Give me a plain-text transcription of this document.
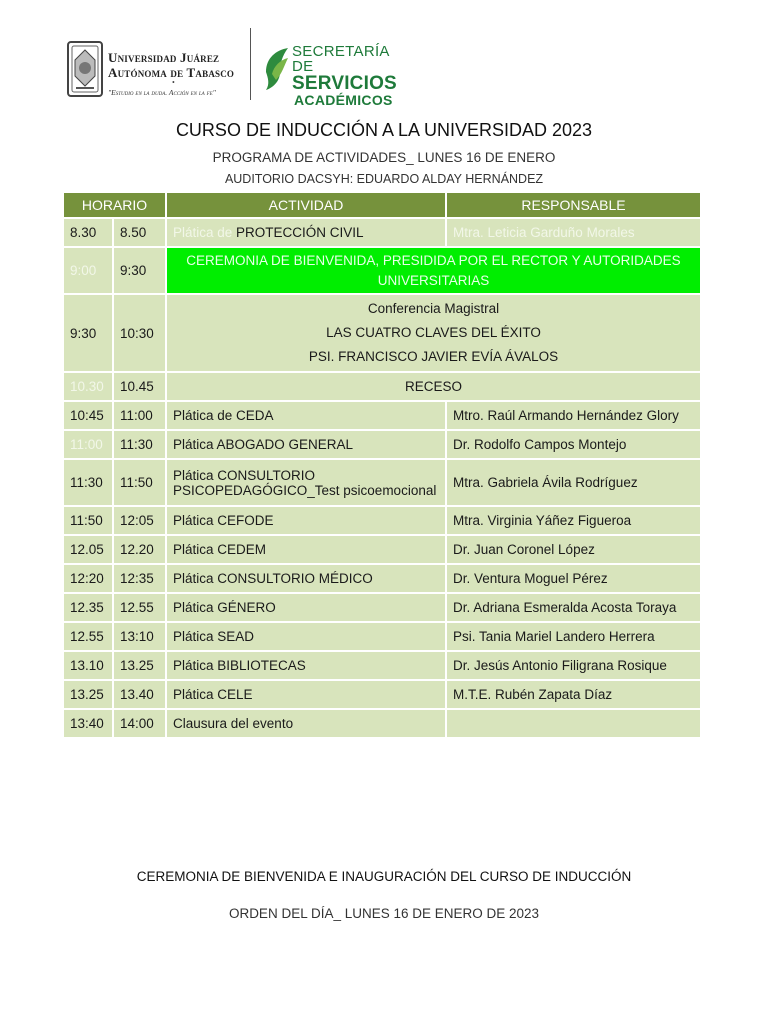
Universidad Juárez
Autónoma de Tabasco
•
"Estudio en la duda. Acción en la fe"
SECRETARÍA DE
SERVICIOS
ACADÉMICOS
CURSO DE INDUCCIÓN A LA UNIVERSIDAD 2023
PROGRAMA DE ACTIVIDADES_ LUNES 16 DE ENERO
AUDITORIO DACSYH: EDUARDO ALDAY HERNÁNDEZ
HORARIO		ACTIVIDAD	RESPONSABLE
8.30	8.50	Plática de PROTECCIÓN CIVIL	Mtra. Leticia Garduño Morales
9:00	9:30	CEREMONIA DE BIENVENIDA, PRESIDIDA POR EL RECTOR Y AUTORIDADES UNIVERSITARIAS	
9:30	10:30	Conferencia Magistral
LAS CUATRO CLAVES DEL ÉXITO
PSI. FRANCISCO JAVIER EVÍA ÁVALOS	

10.30	10.45	RECESO	
10:45	11:00	Plática de CEDA	Mtro. Raúl Armando Hernández Glory
11:00	11:30	Plática ABOGADO GENERAL	Dr. Rodolfo Campos Montejo
11:30	11:50	Plática CONSULTORIO
PSICOPEDAGÓGICO_Test psicoemocional	Mtra. Gabriela Ávila Rodríguez
11:50	12:05	Plática CEFODE	Mtra. Virginia Yáñez Figueroa
12.05	12.20	Plática CEDEM	Dr. Juan Coronel López
12:20	12:35	Plática CONSULTORIO MÉDICO	Dr. Ventura Moguel Pérez
12.35	12.55	Plática GÉNERO	Dr. Adriana Esmeralda Acosta Toraya
12.55	13:10	Plática SEAD	Psi. Tania Mariel Landero Herrera
13.10	13.25	Plática BIBLIOTECAS	Dr. Jesús Antonio Filigrana Rosique
13.25	13.40	Plática CELE	M.T.E. Rubén Zapata Díaz
13:40	14:00	Clausura del evento	
CEREMONIA DE BIENVENIDA E INAUGURACIÓN DEL CURSO DE INDUCCIÓN
ORDEN DEL DÍA_ LUNES 16 DE ENERO DE 2023
